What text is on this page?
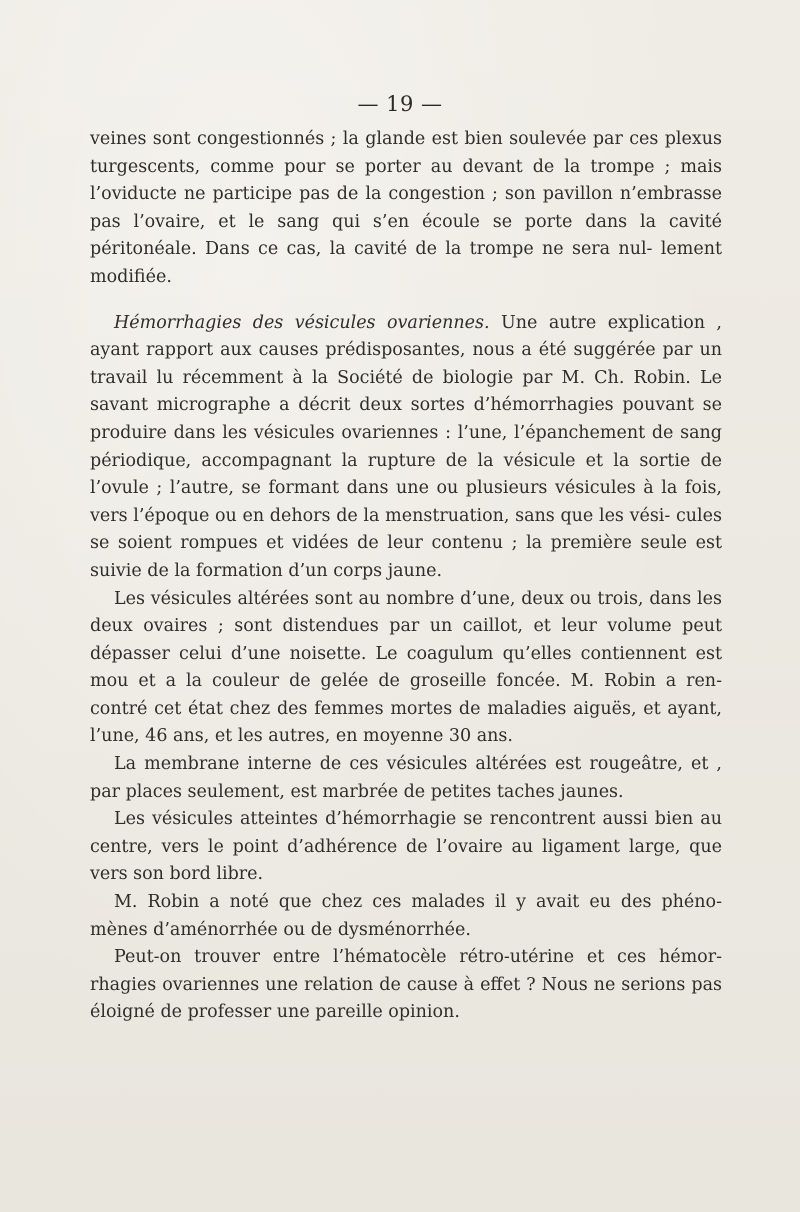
— 19 —

veines sont congestionnés ; la glande est bien soulevée par ces plexus turgescents, comme pour se porter au devant de la trompe ; mais l’oviducte ne participe pas de la congestion ; son pavillon n’embrasse pas l’ovaire, et le sang qui s’en écoule se porte dans la cavité péritonéale. Dans ce cas, la cavité de la trompe ne sera nul- lement modifiée.

Hémorrhagies des vésicules ovariennes. Une autre explication , ayant rapport aux causes prédisposantes, nous a été suggérée par un travail lu récemment à la Société de biologie par M. Ch. Robin. Le savant micrographe a décrit deux sortes d’hémorrhagies pouvant se produire dans les vésicules ovariennes : l’une, l’épanchement de sang périodique, accompagnant la rupture de la vésicule et la sortie de l’ovule ; l’autre, se formant dans une ou plusieurs vésicules à la fois, vers l’époque ou en dehors de la menstruation, sans que les vési- cules se soient rompues et vidées de leur contenu ; la première seule est suivie de la formation d’un corps jaune.

Les vésicules altérées sont au nombre d’une, deux ou trois, dans les deux ovaires ; sont distendues par un caillot, et leur volume peut dépasser celui d’une noisette. Le coagulum qu’elles contiennent est mou et a la couleur de gelée de groseille foncée. M. Robin a ren- contré cet état chez des femmes mortes de maladies aiguës, et ayant, l’une, 46 ans, et les autres, en moyenne 30 ans.

La membrane interne de ces vésicules altérées est rougeâtre, et , par places seulement, est marbrée de petites taches jaunes.

Les vésicules atteintes d’hémorrhagie se rencontrent aussi bien au centre, vers le point d’adhérence de l’ovaire au ligament large, que vers son bord libre.

M. Robin a noté que chez ces malades il y avait eu des phéno- mènes d’aménorrhée ou de dysménorrhée.

Peut-on trouver entre l’hématocèle rétro-utérine et ces hémor- rhagies ovariennes une relation de cause à effet ? Nous ne serions pas éloigné de professer une pareille opinion.
